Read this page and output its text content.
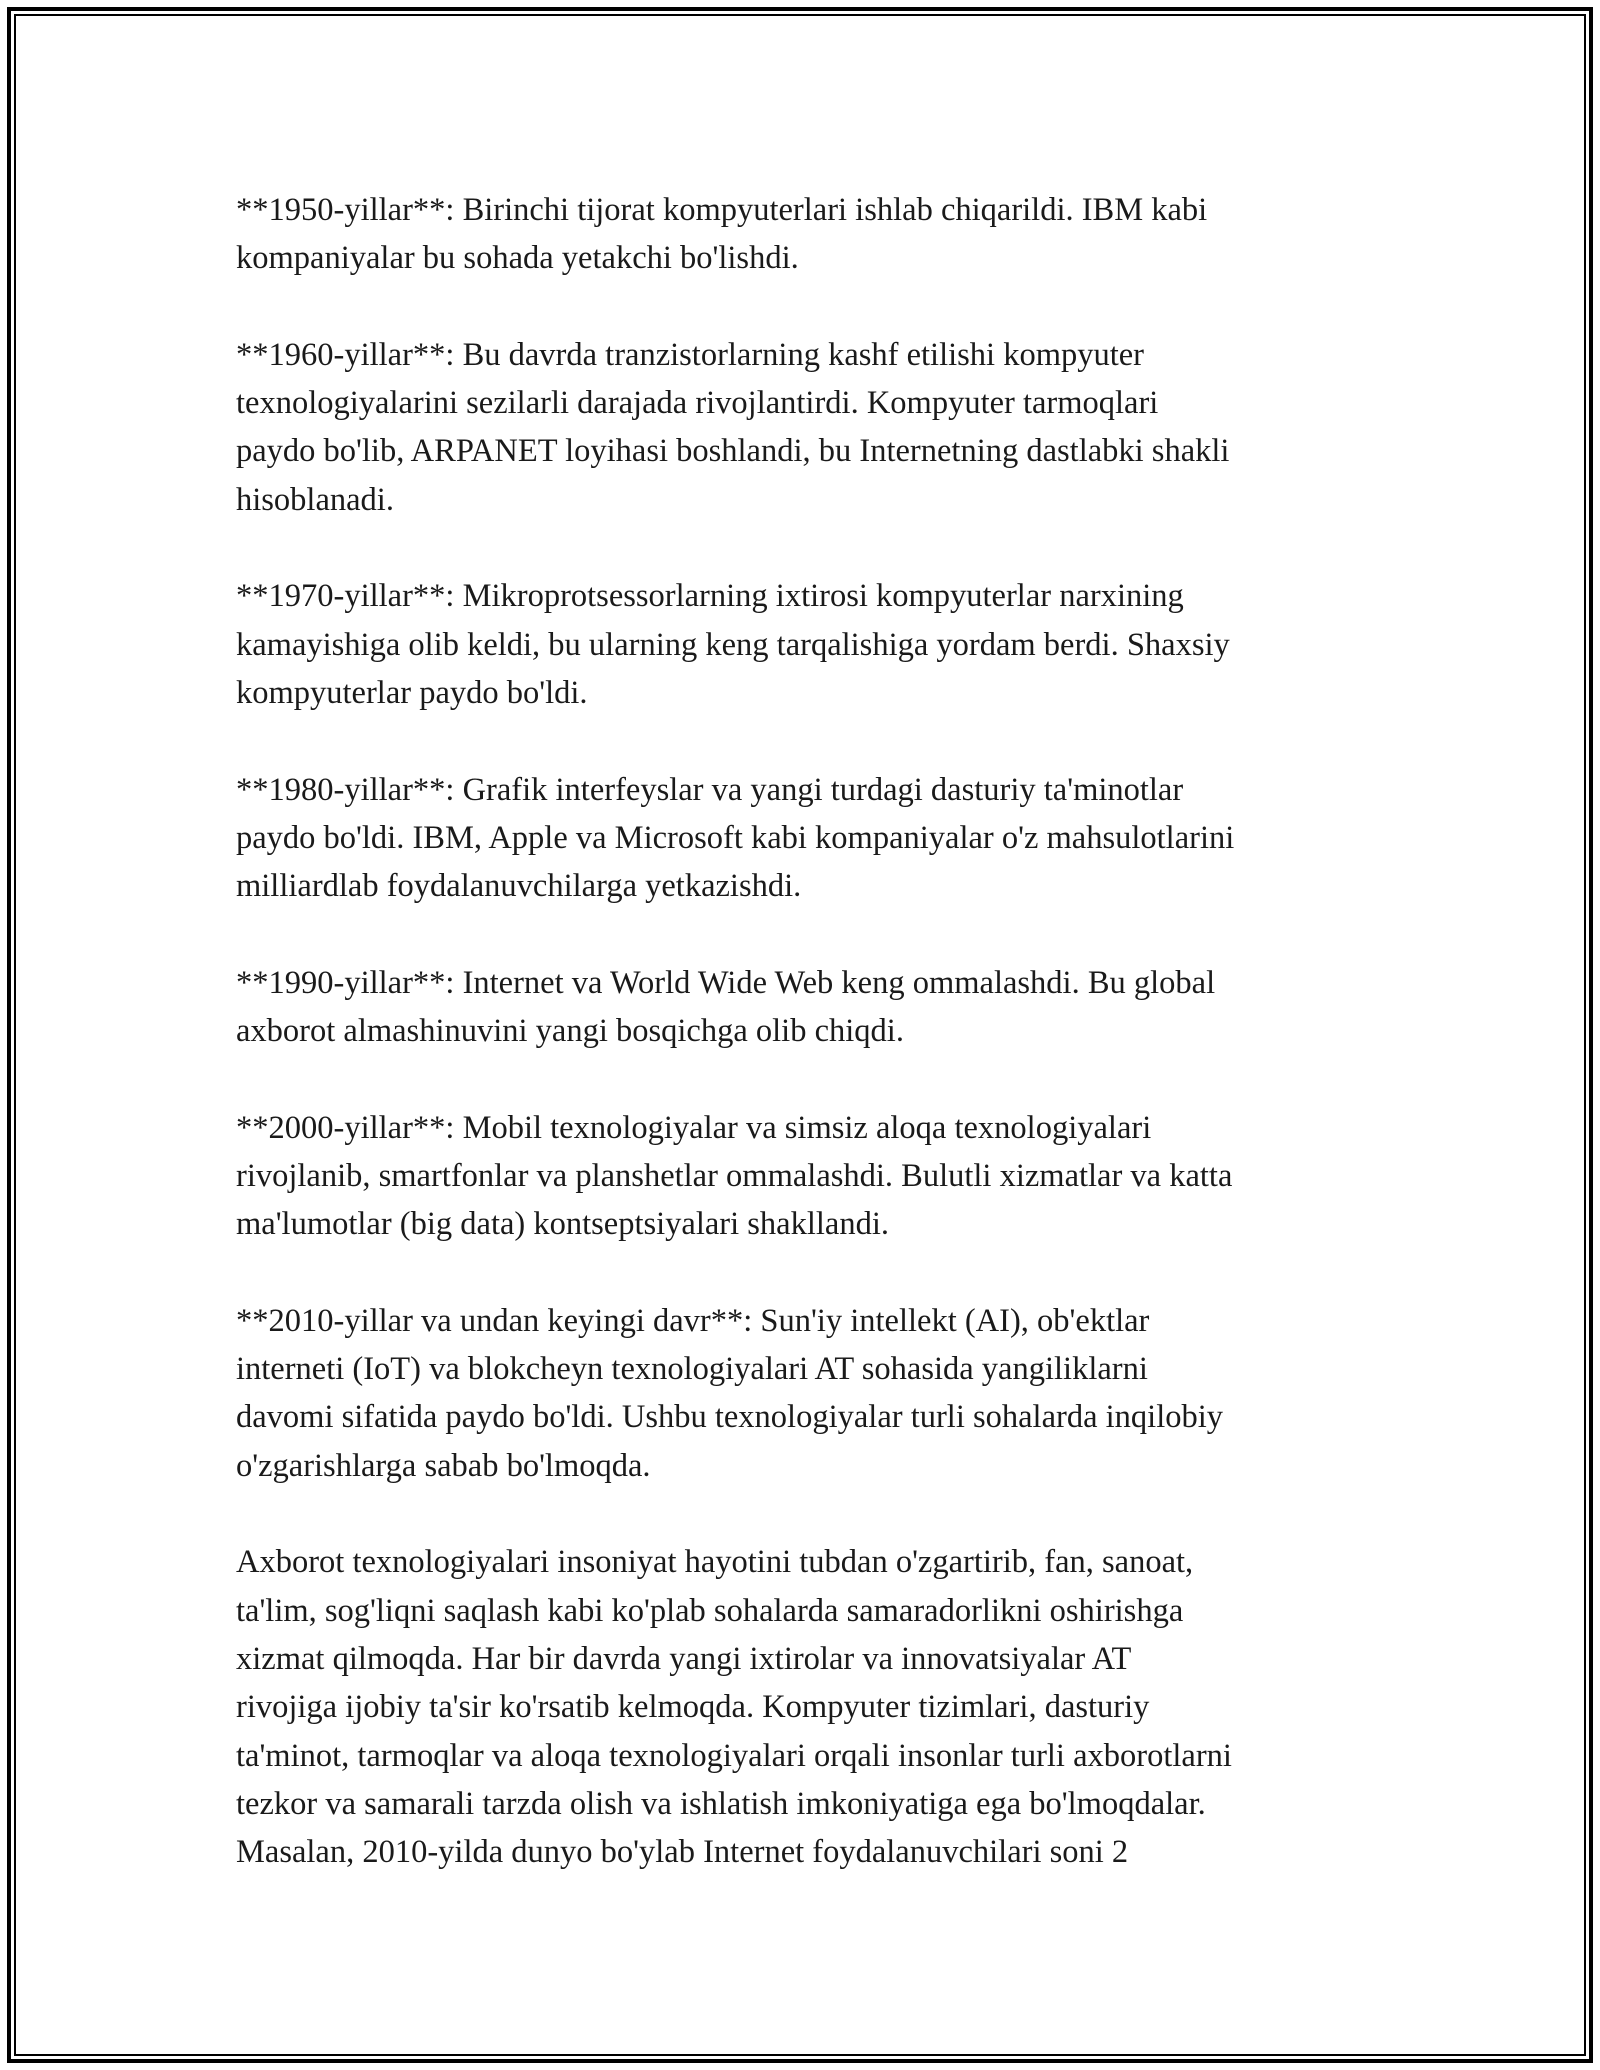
**1950-yillar**: Birinchi tijorat kompyuterlari ishlab chiqarildi. IBM kabi
kompaniyalar bu sohada yetakchi bo'lishdi.

**1960-yillar**: Bu davrda tranzistorlarning kashf etilishi kompyuter
texnologiyalarini sezilarli darajada rivojlantirdi. Kompyuter tarmoqlari
paydo bo'lib, ARPANET loyihasi boshlandi, bu Internetning dastlabki shakli
hisoblanadi.

**1970-yillar**: Mikroprotsessorlarning ixtirosi kompyuterlar narxining
kamayishiga olib keldi, bu ularning keng tarqalishiga yordam berdi. Shaxsiy
kompyuterlar paydo bo'ldi.

**1980-yillar**: Grafik interfeyslar va yangi turdagi dasturiy ta'minotlar
paydo bo'ldi. IBM, Apple va Microsoft kabi kompaniyalar o'z mahsulotlarini
milliardlab foydalanuvchilarga yetkazishdi.

**1990-yillar**: Internet va World Wide Web keng ommalashdi. Bu global
axborot almashinuvini yangi bosqichga olib chiqdi.

**2000-yillar**: Mobil texnologiyalar va simsiz aloqa texnologiyalari
rivojlanib, smartfonlar va planshetlar ommalashdi. Bulutli xizmatlar va katta
ma'lumotlar (big data) kontseptsiyalari shakllandi.

**2010-yillar va undan keyingi davr**: Sun'iy intellekt (AI), ob'ektlar
interneti (IoT) va blokcheyn texnologiyalari AT sohasida yangiliklarni
davomi sifatida paydo bo'ldi. Ushbu texnologiyalar turli sohalarda inqilobiy
o'zgarishlarga sabab bo'lmoqda.

Axborot texnologiyalari insoniyat hayotini tubdan o'zgartirib, fan, sanoat,
ta'lim, sog'liqni saqlash kabi ko'plab sohalarda samaradorlikni oshirishga
xizmat qilmoqda. Har bir davrda yangi ixtirolar va innovatsiyalar AT
rivojiga ijobiy ta'sir ko'rsatib kelmoqda. Kompyuter tizimlari, dasturiy
ta'minot, tarmoqlar va aloqa texnologiyalari orqali insonlar turli axborotlarni
tezkor va samarali tarzda olish va ishlatish imkoniyatiga ega bo'lmoqdalar.
Masalan, 2010-yilda dunyo bo'ylab Internet foydalanuvchilari soni 2
